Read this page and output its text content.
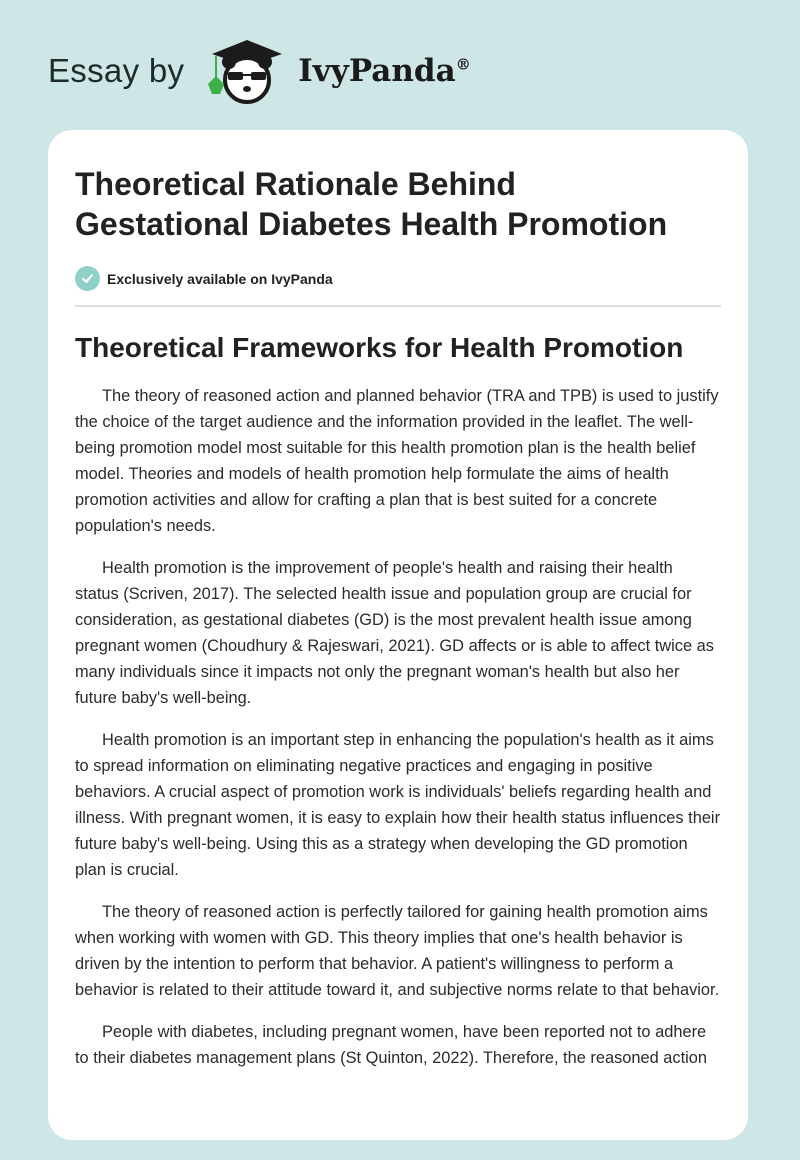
Essay by	IvyPanda®
Theoretical Rationale Behind
Gestational Diabetes Health Promotion
Exclusively available on IvyPanda
Theoretical Frameworks for Health Promotion

The theory of reasoned action and planned behavior (TRA and TPB) is used to justify the choice of the target audience and the information provided in the leaflet. The well-being promotion model most suitable for this health promotion plan is the health belief model. Theories and models of health promotion help formulate the aims of health promotion activities and allow for crafting a plan that is best suited for a concrete population's needs.

Health promotion is the improvement of people's health and raising their health status (Scriven, 2017). The selected health issue and population group are crucial for consideration, as gestational diabetes (GD) is the most prevalent health issue among pregnant women (Choudhury & Rajeswari, 2021). GD affects or is able to affect twice as many individuals since it impacts not only the pregnant woman's health but also her future baby's well-being.

Health promotion is an important step in enhancing the population's health as it aims to spread information on eliminating negative practices and engaging in positive behaviors. A crucial aspect of promotion work is individuals' beliefs regarding health and illness. With pregnant women, it is easy to explain how their health status influences their future baby's well-being. Using this as a strategy when developing the GD promotion plan is crucial.

The theory of reasoned action is perfectly tailored for gaining health promotion aims when working with women with GD. This theory implies that one's health behavior is driven by the intention to perform that behavior. A patient's willingness to perform a behavior is related to their attitude toward it, and subjective norms relate to that behavior.

People with diabetes, including pregnant women, have been reported not to adhere to their diabetes management plans (St Quinton, 2022). Therefore, the reasoned action
